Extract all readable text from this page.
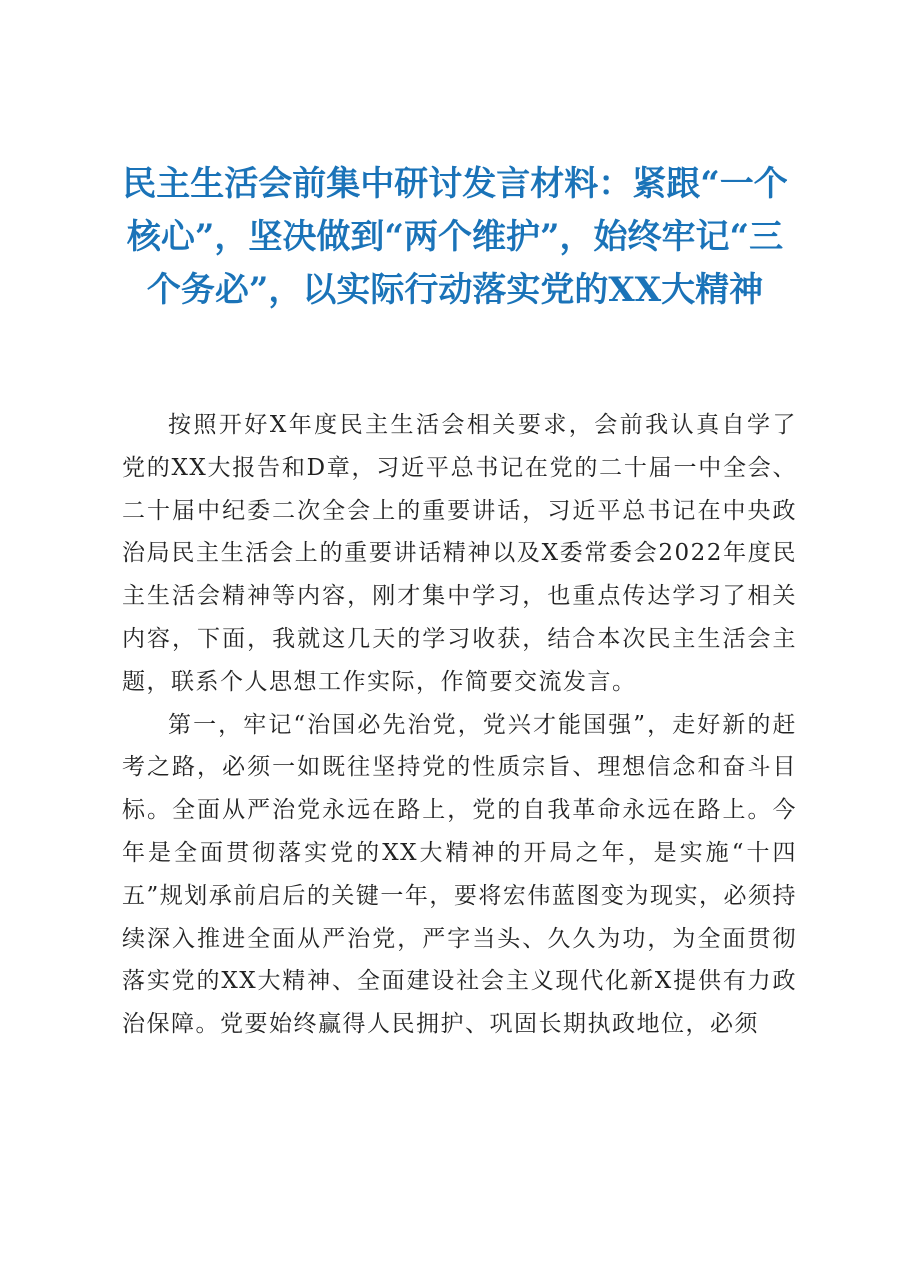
民主生活会前集中研讨发言材料：紧跟“一个核心”，坚决做到“两个维护”，始终牢记“三个务必”，以实际行动落实党的XX大精神

按照开好X年度民主生活会相关要求，会前我认真自学了党的XX大报告和D章，习近平总书记在党的二十届一中全会、二十届中纪委二次全会上的重要讲话，习近平总书记在中央政治局民主生活会上的重要讲话精神以及X委常委会2022年度民主生活会精神等内容，刚才集中学习，也重点传达学习了相关内容，下面，我就这几天的学习收获，结合本次民主生活会主题，联系个人思想工作实际，作简要交流发言。

第一，牢记“治国必先治党，党兴才能国强”，走好新的赶考之路，必须一如既往坚持党的性质宗旨、理想信念和奋斗目标。全面从严治党永远在路上，党的自我革命永远在路上。今年是全面贯彻落实党的XX大精神的开局之年，是实施“十四五”规划承前启后的关键一年，要将宏伟蓝图变为现实，必须持续深入推进全面从严治党，严字当头、久久为功，为全面贯彻落实党的XX大精神、全面建设社会主义现代化新X提供有力政治保障。党要始终赢得人民拥护、巩固长期执政地位，必须
